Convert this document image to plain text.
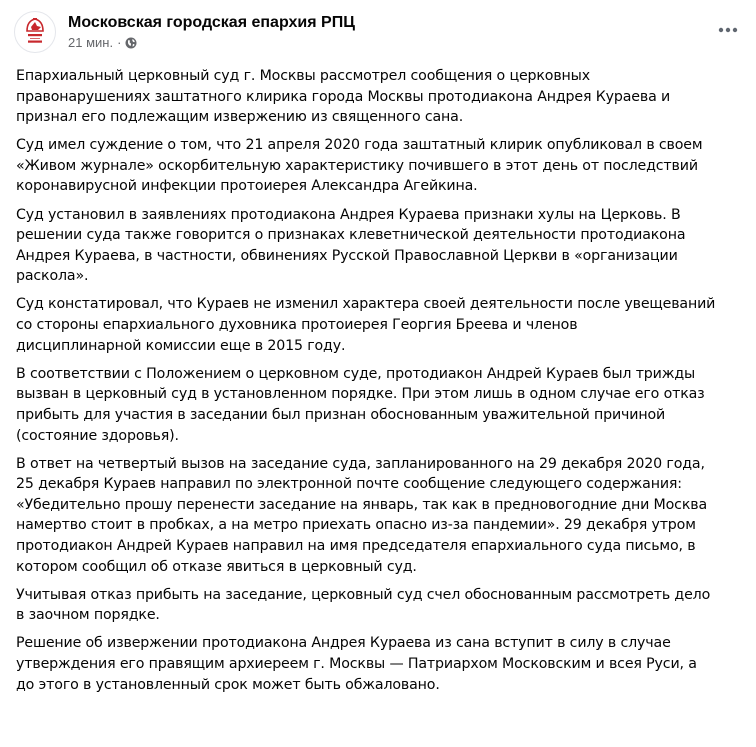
Московская городская епархия РПЦ
21 мин. ·

Епархиальный церковный суд г. Москвы рассмотрел сообщения о церковных
правонарушениях заштатного клирика города Москвы протодиакона Андрея Кураева и
признал его подлежащим извержению из священного сана.

Суд имел суждение о том, что 21 апреля 2020 года заштатный клирик опубликовал в своем
«Живом журнале» оскорбительную характеристику почившего в этот день от последствий
коронавирусной инфекции протоиерея Александра Агейкина.

Суд установил в заявлениях протодиакона Андрея Кураева признаки хулы на Церковь. В
решении суда также говорится о признаках клеветнической деятельности протодиакона
Андрея Кураева, в частности, обвинениях Русской Православной Церкви в «организации
раскола».

Суд констатировал, что Кураев не изменил характера своей деятельности после увещеваний
со стороны епархиального духовника протоиерея Георгия Бреева и членов
дисциплинарной комиссии еще в 2015 году.

В соответствии с Положением о церковном суде, протодиакон Андрей Кураев был трижды
вызван в церковный суд в установленном порядке. При этом лишь в одном случае его отказ
прибыть для участия в заседании был признан обоснованным уважительной причиной
(состояние здоровья).

В ответ на четвертый вызов на заседание суда, запланированного на 29 декабря 2020 года,
25 декабря Кураев направил по электронной почте сообщение следующего содержания:
«Убедительно прошу перенести заседание на январь, так как в предновогодние дни Москва
намертво стоит в пробках, а на метро приехать опасно из-за пандемии». 29 декабря утром
протодиакон Андрей Кураев направил на имя председателя епархиального суда письмо, в
котором сообщил об отказе явиться в церковный суд.

Учитывая отказ прибыть на заседание, церковный суд счел обоснованным рассмотреть дело
в заочном порядке.

Решение об извержении протодиакона Андрея Кураева из сана вступит в силу в случае
утверждения его правящим архиереем г. Москвы — Патриархом Московским и всея Руси, а
до этого в установленный срок может быть обжаловано.
